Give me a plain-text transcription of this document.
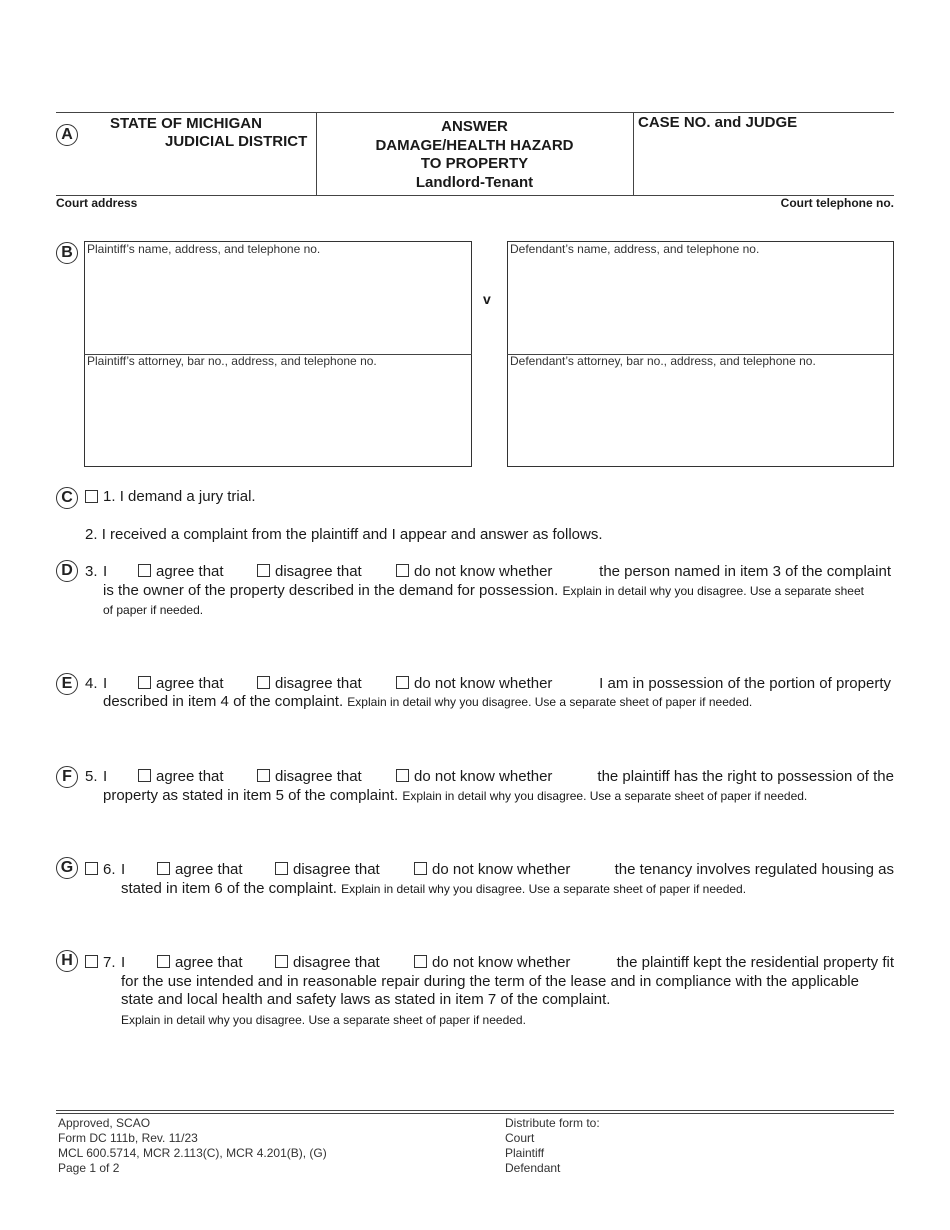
A
STATE OF MICHIGAN
JUDICIAL DISTRICT
ANSWER
DAMAGE/HEALTH HAZARD
TO PROPERTY
Landlord-Tenant
CASE NO. and JUDGE
Court address	Court telephone no.
B	Plaintiff’s name, address, and telephone no.
Plaintiff’s attorney, bar no., address, and telephone no.
v
Defendant’s name, address, and telephone no.
Defendant’s attorney, bar no., address, and telephone no.
C	1. I demand a jury trial.
2. I received a complaint from the plaintiff and I appear and answer as follows.
D 3. I	agree that	disagree that	do not know whether	the person named in item 3 of the complaint
is the owner of the property described in the demand for possession. Explain in detail why you disagree. Use a separate sheet
of paper if needed.
E 4. I	agree that	disagree that	do not know whether	I am in possession of the portion of property
described in item 4 of the complaint. Explain in detail why you disagree. Use a separate sheet of paper if needed.
F 5. I	agree that	disagree that	do not know whether	the plaintiff has the right to possession of the
property as stated in item 5 of the complaint. Explain in detail why you disagree. Use a separate sheet of paper if needed.
G	6. I	agree that	disagree that	do not know whether	the tenancy involves regulated housing as
stated in item 6 of the complaint. Explain in detail why you disagree. Use a separate sheet of paper if needed.
H	7. I	agree that	disagree that	do not know whether	the plaintiff kept the residential property fit
for the use intended and in reasonable repair during the term of the lease and in compliance with the applicable
state and local health and safety laws as stated in item 7 of the complaint.
Explain in detail why you disagree. Use a separate sheet of paper if needed.
Approved, SCAO
Form DC 111b, Rev. 11/23
MCL 600.5714, MCR 2.113(C), MCR 4.201(B), (G)
Page 1 of 2
Distribute form to:
Court
Plaintiff
Defendant
